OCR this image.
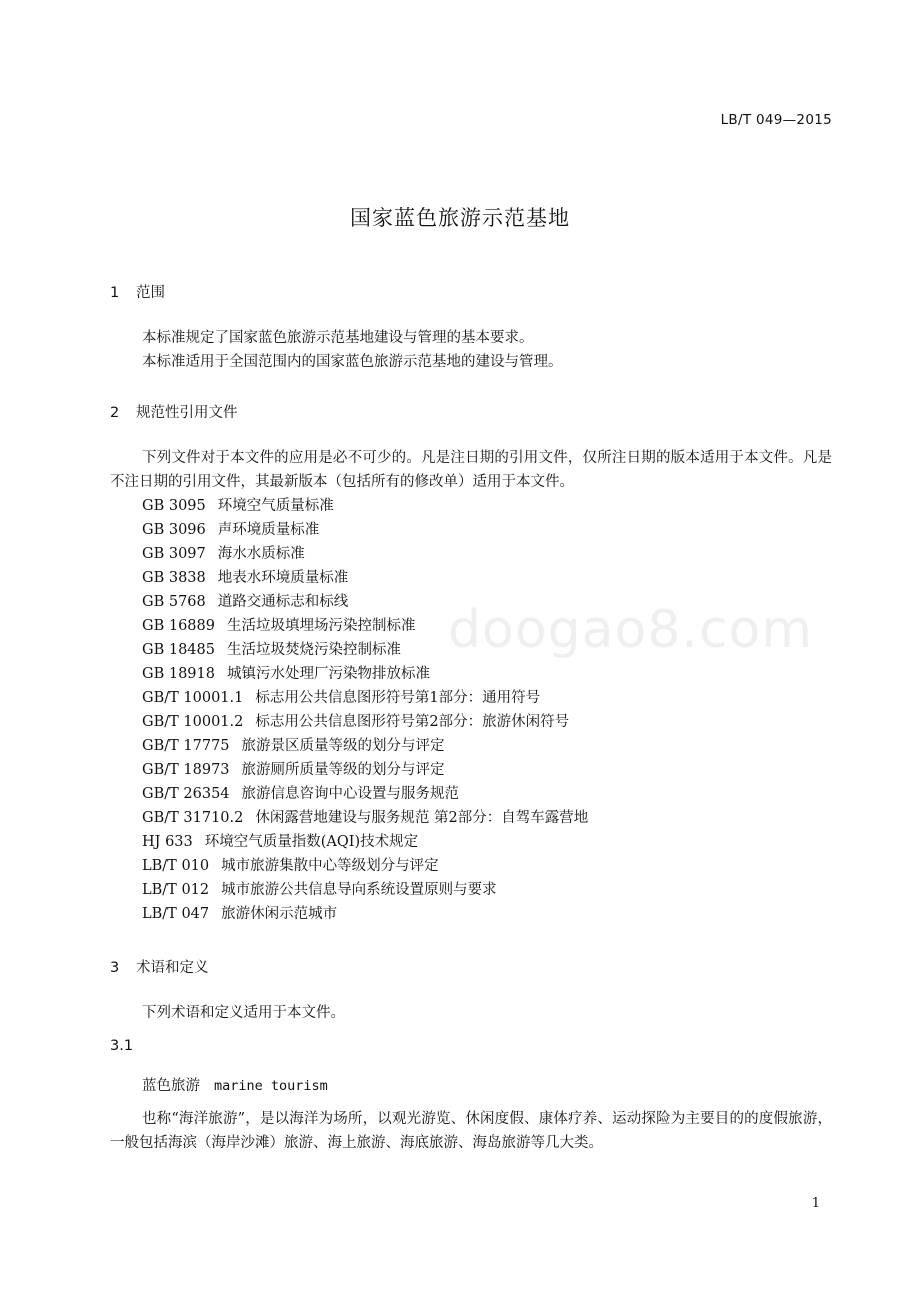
LB/T 049—2015
国家蓝色旅游示范基地
1 范围
本标准规定了国家蓝色旅游示范基地建设与管理的基本要求。
本标准适用于全国范围内的国家蓝色旅游示范基地的建设与管理。
2 规范性引用文件
下列文件对于本文件的应用是必不可少的。凡是注日期的引用文件，仅所注日期的版本适用于本文件。凡是不注日期的引用文件，其最新版本（包括所有的修改单）适用于本文件。
GB 3095 环境空气质量标准
GB 3096 声环境质量标准
GB 3097 海水水质标准
GB 3838 地表水环境质量标准
GB 5768 道路交通标志和标线
GB 16889 生活垃圾填埋场污染控制标准
GB 18485 生活垃圾焚烧污染控制标准
GB 18918 城镇污水处理厂污染物排放标准
GB/T 10001.1 标志用公共信息图形符号第1部分：通用符号
GB/T 10001.2 标志用公共信息图形符号第2部分：旅游休闲符号
GB/T 17775 旅游景区质量等级的划分与评定
GB/T 18973 旅游厕所质量等级的划分与评定
GB/T 26354 旅游信息咨询中心设置与服务规范
GB/T 31710.2 休闲露营地建设与服务规范 第2部分：自驾车露营地
HJ 633 环境空气质量指数(AQI)技术规定
LB/T 010 城市旅游集散中心等级划分与评定
LB/T 012 城市旅游公共信息导向系统设置原则与要求
LB/T 047 旅游休闲示范城市
3 术语和定义
下列术语和定义适用于本文件。
3.1
蓝色旅游 marine tourism
也称“海洋旅游”，是以海洋为场所，以观光游览、休闲度假、康体疗养、运动探险为主要目的的度假旅游，一般包括海滨（海岸沙滩）旅游、海上旅游、海底旅游、海岛旅游等几大类。
doogao8.com
1
